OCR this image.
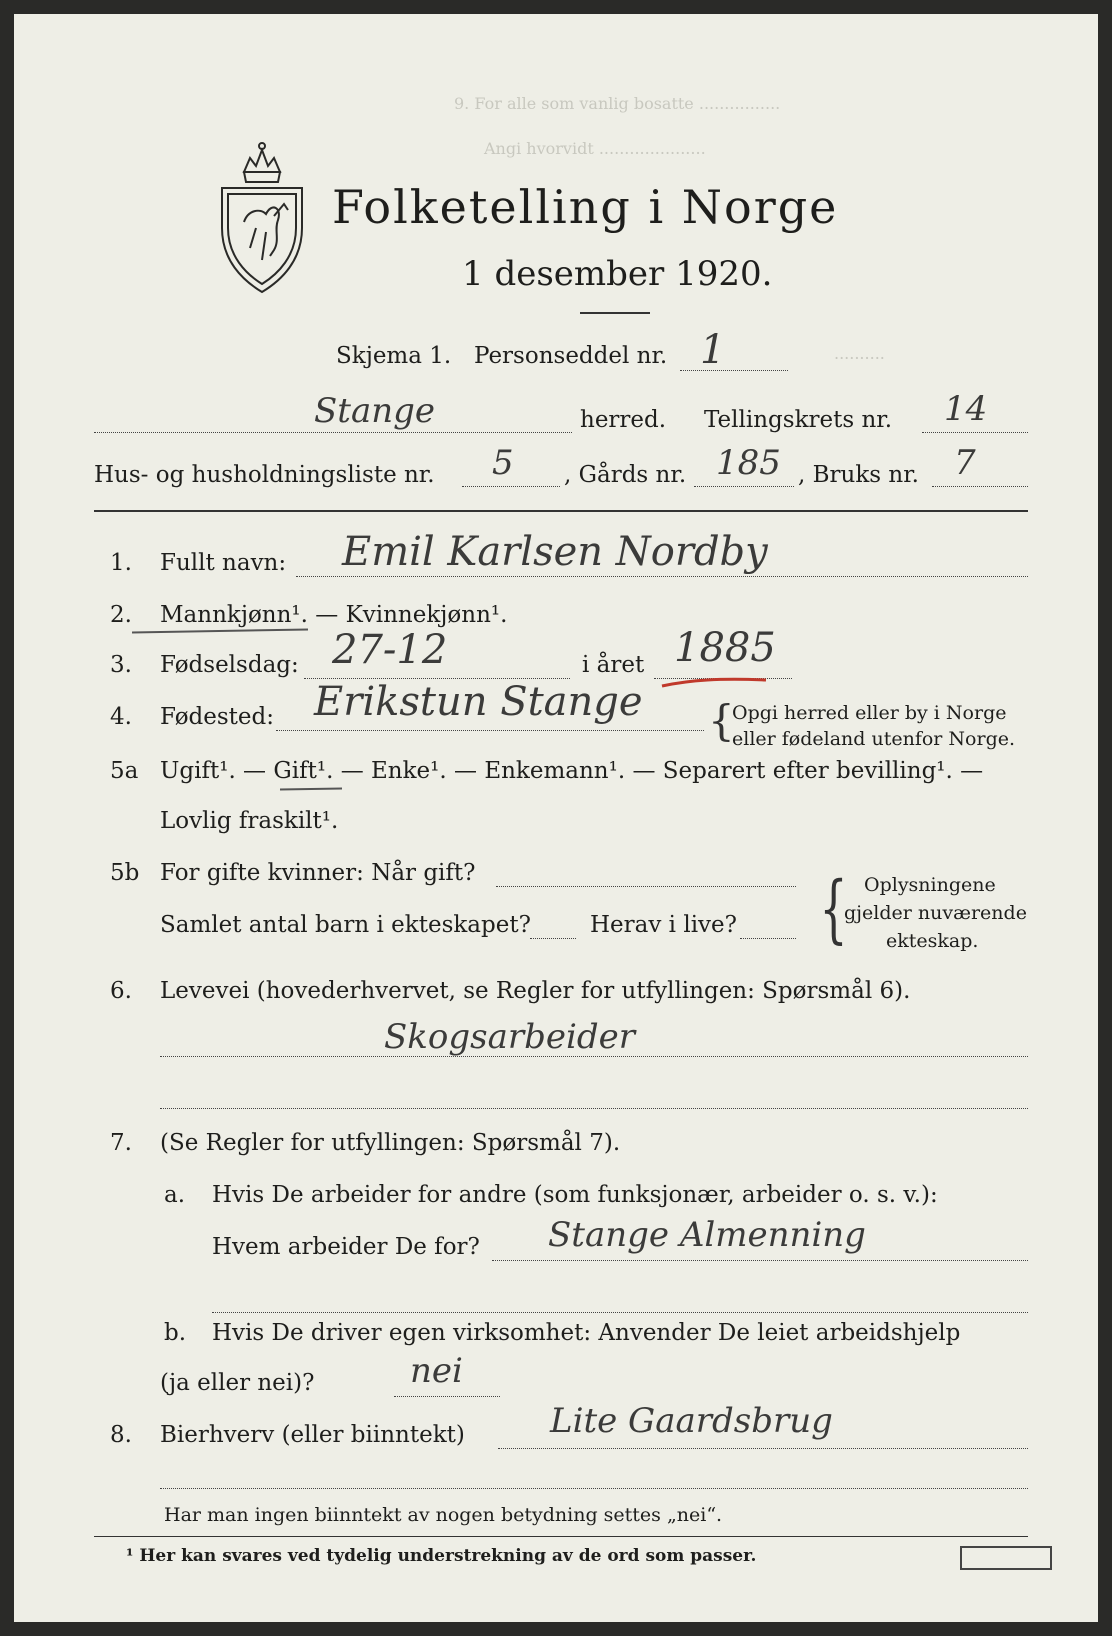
9. For alle som vanlig bosatte ................
Angi hvorvidt .....................
..........
Folketelling i Norge
1 desember 1920.
Skjema 1. Personseddel nr. 1
Stange	herred. Tellingskrets nr. 14
Hus- og husholdningsliste nr. 5 , Gårds nr. 185 , Bruks nr. 7
1. Fullt navn: Emil Karlsen Nordby
2. Mannkjønn¹. — Kvinnekjønn¹.
3. Fødselsdag: 27-12	i året 1885
4. Fødested: Erikstun Stange {
Opgi herred eller by i Norge
eller fødeland utenfor Norge.
5a Ugift¹. — Gift¹. — Enke¹. — Enkemann¹. — Separert efter bevilling¹. —
Lovlig fraskilt¹.
5b For gifte kvinner: Når gift?
Samlet antal barn i ekteskapet?	Herav i live? { Oplysningene
gjelder nuværende
ekteskap.
6. Levevei (hovederhvervet, se Regler for utfyllingen: Spørsmål 6).
Skogsarbeider
7. (Se Regler for utfyllingen: Spørsmål 7).
a. Hvis De arbeider for andre (som funksjonær, arbeider o. s. v.):
Hvem arbeider De for? Stange Almenning
b. Hvis De driver egen virksomhet: Anvender De leiet arbeidshjelp
(ja eller nei)?	nei
8. Bierhverv (eller biinntekt)	Lite Gaardsbrug
Har man ingen biinntekt av nogen betydning settes „nei“.
¹ Her kan svares ved tydelig understrekning av de ord som passer.
